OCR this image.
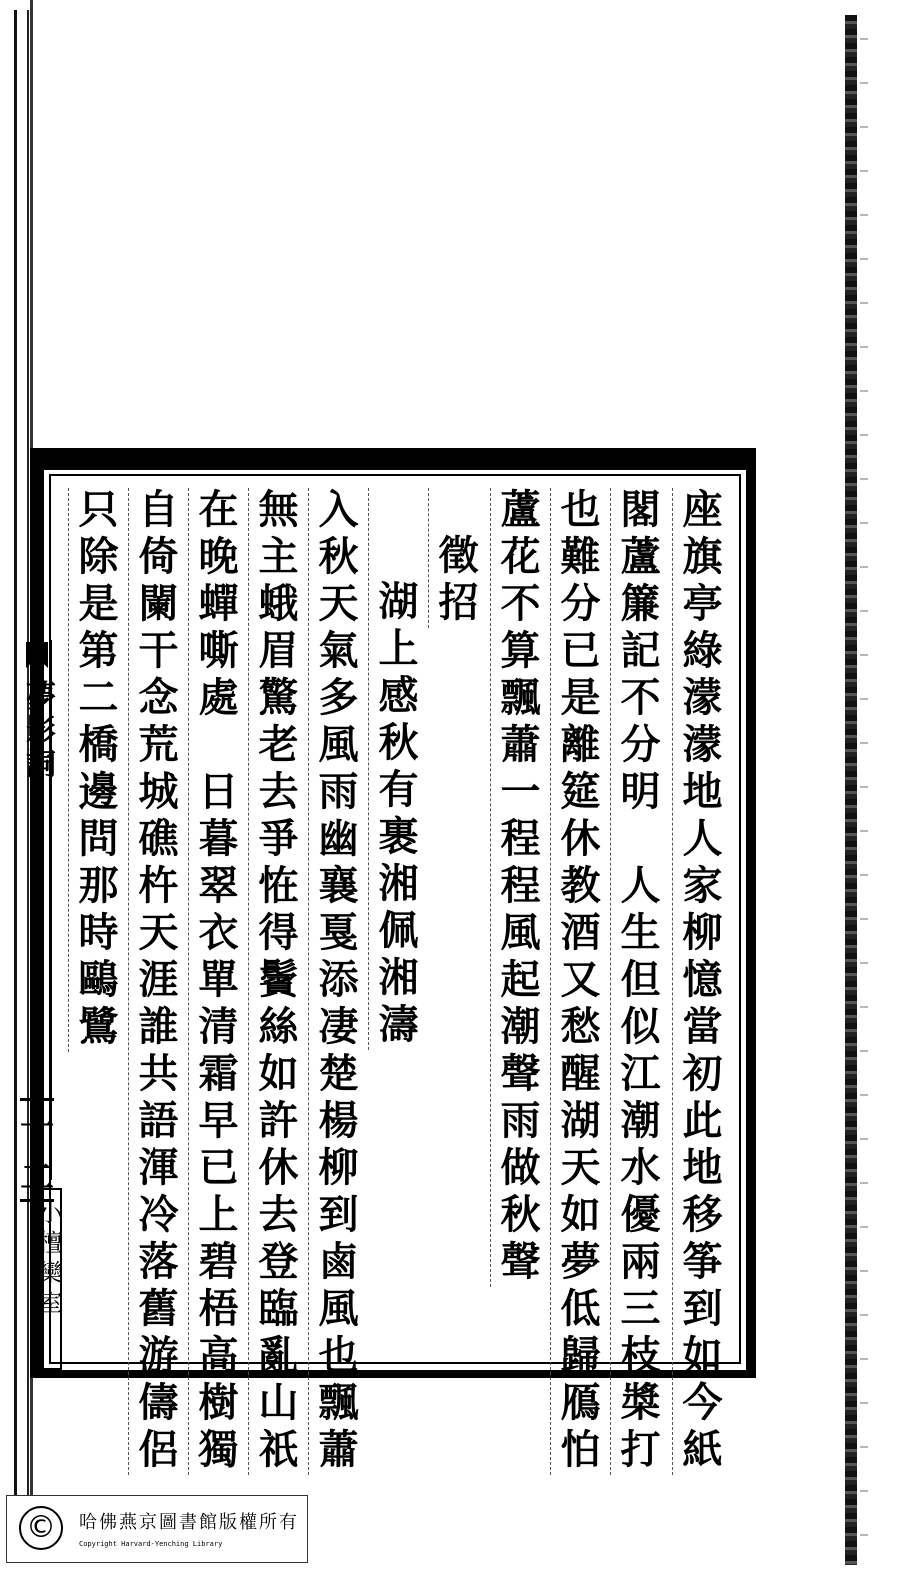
座旗亭綠濛濛地人家柳憶當初此地移筝到如今紙
閣蘆簾記不分明　人生但似江潮水優兩三枝槳打
也難分已是離筵休教酒又愁醒湖天如夢低歸鴈怕
蘆花不算飄蕭一程程風起潮聲雨做秋聲
徵招
湖上感秋有裹湘佩湘濤
入秋天氣多風雨幽襄戛添凄楚楊柳到鹵風也飄蕭
無主蛾眉驚老去爭恠得鬢絲如許休去登臨亂山祇
在晚蟬嘶處　日暮翠衣單清霜早已上碧梧高樹獨
自倚闌干念荒城礁杵天涯誰共語渾冷落舊游儔侶
只除是第二橋邊問那時鷗鷺
夢影詞
十二
小檀欒室
©	哈佛燕京圖書館版權所有
Copyright Harvard-Yenching Library
